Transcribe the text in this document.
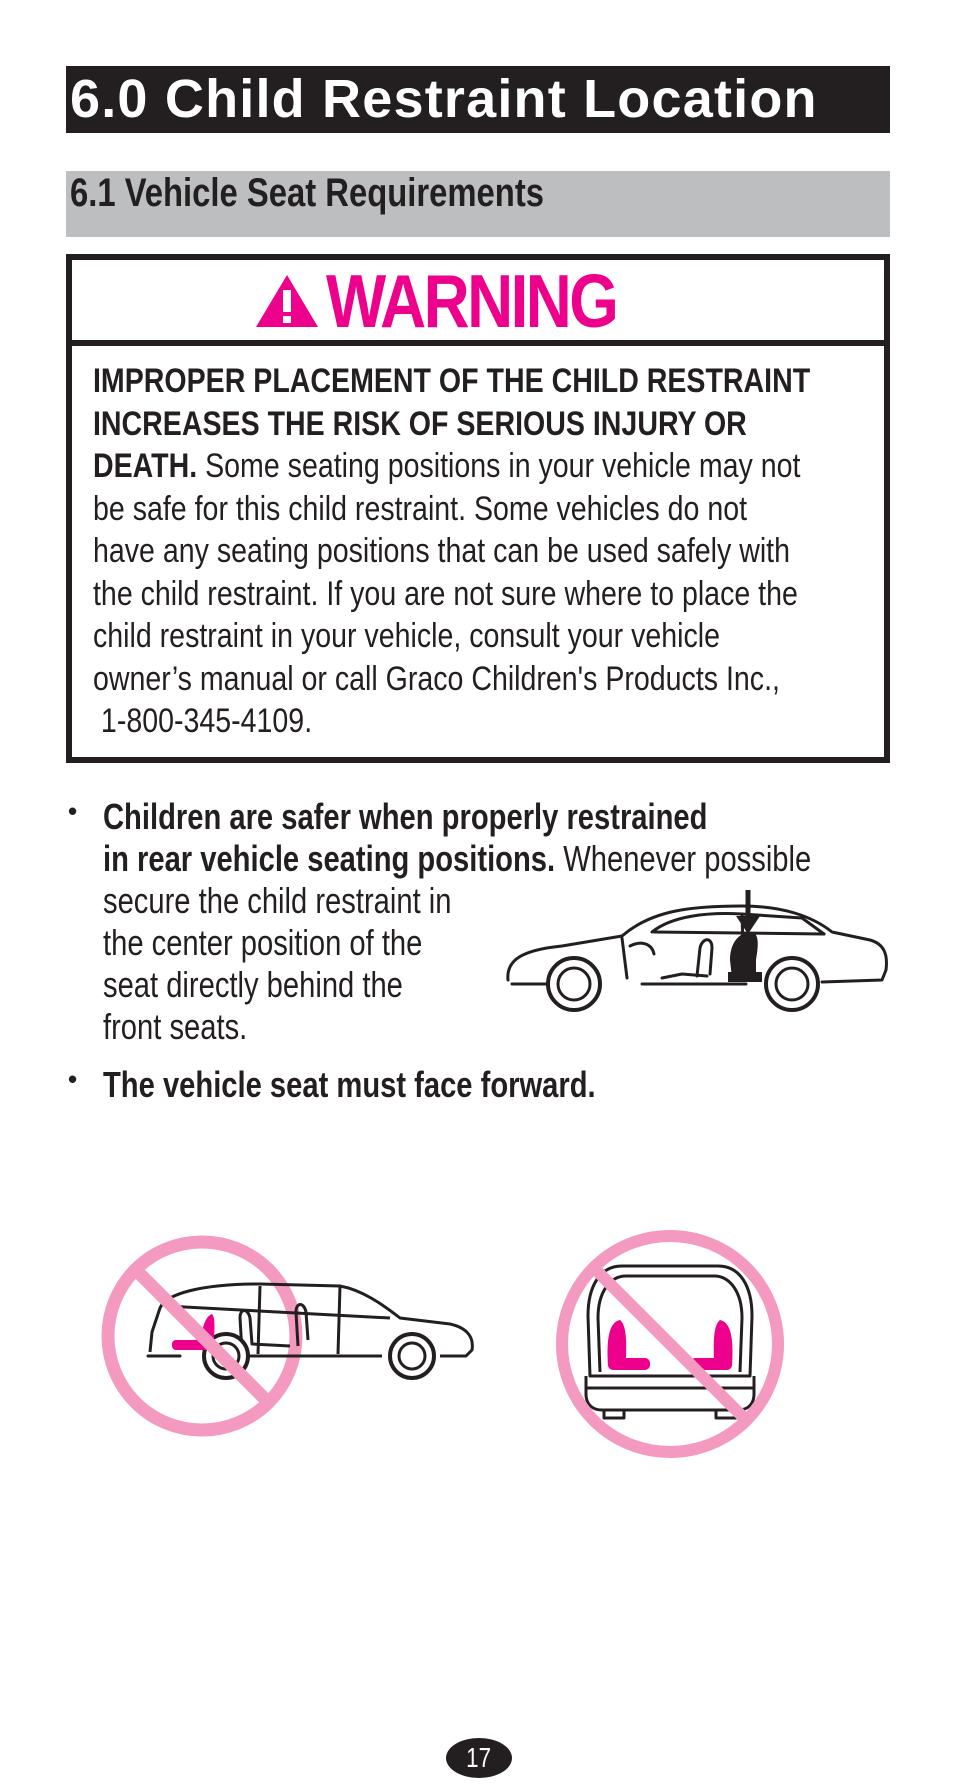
6.0 Child Restraint Location
6.1 Vehicle Seat Requirements
WARNING
IMPROPER PLACEMENT OF THE CHILD RESTRAINT
INCREASES THE RISK OF SERIOUS INJURY OR
DEATH. Some seating positions in your vehicle may not
be safe for this child restraint. Some vehicles do not
have any seating positions that can be used safely with
the child restraint. If you are not sure where to place the
child restraint in your vehicle, consult your vehicle
owner’s manual or call Graco Children's Products Inc.,
1-800-345-4109.
• Children are safer when properly restrained
in rear vehicle seating positions. Whenever possible
secure the child restraint in
the center position of the
seat directly behind the
front seats.
• The vehicle seat must face forward.
17
